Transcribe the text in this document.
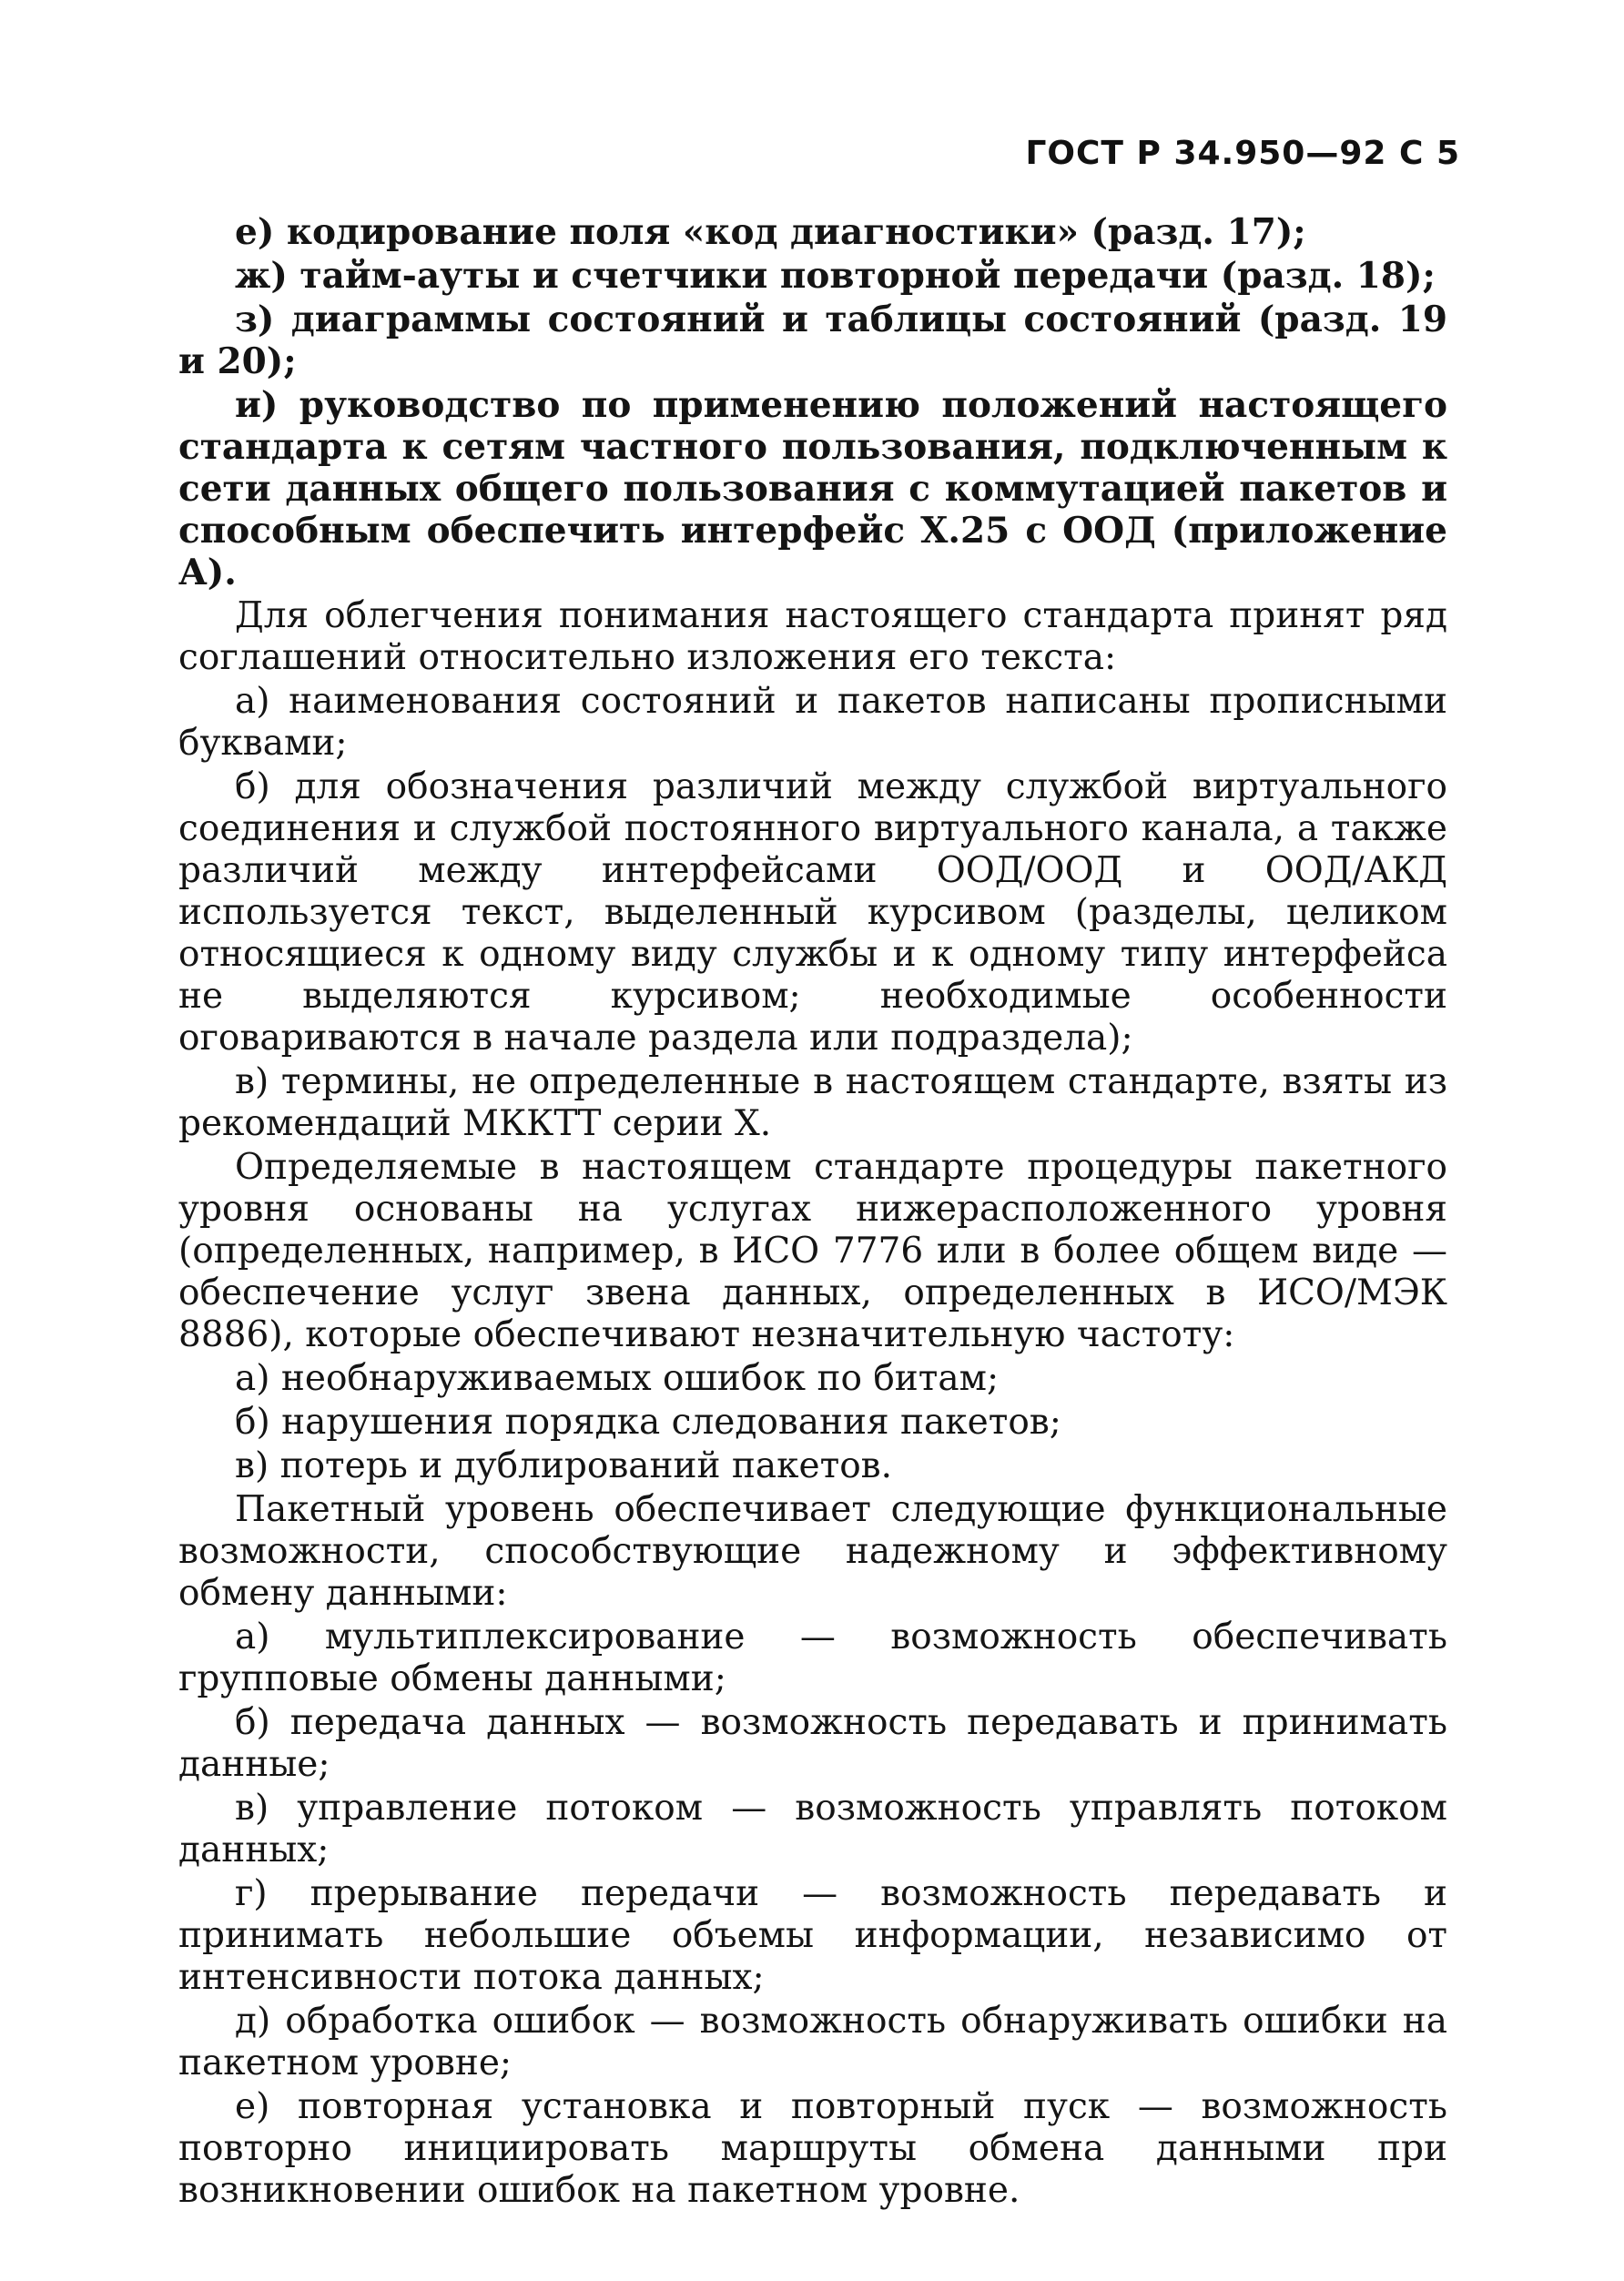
ГОСТ Р 34.950—92 С 5

е) кодирование поля «код диагностики» (разд. 17);

ж) тайм-ауты и счетчики повторной передачи (разд. 18);

з) диаграммы состояний и таблицы состояний (разд. 19 и 20);

и) руководство по применению положений настоящего стандарта к сетям частного пользования, подключенным к сети данных общего пользования с коммутацией пакетов и способным обеспечить интерфейс X.25 с ООД (приложение А).

Для облегчения понимания настоящего стандарта принят ряд соглашений относительно изложения его текста:

а) наименования состояний и пакетов написаны прописными буквами;

б) для обозначения различий между службой виртуального соединения и службой постоянного виртуального канала, а также различий между интерфейсами ООД/ООД и ООД/АКД используется текст, выделенный курсивом (разделы, целиком относящиеся к одному виду службы и к одному типу интерфейса не выделяются курсивом; необходимые особенности оговариваются в начале раздела или подраздела);

в) термины, не определенные в настоящем стандарте, взяты из рекомендаций МККТТ серии X.

Определяемые в настоящем стандарте процедуры пакетного уровня основаны на услугах нижерасположенного уровня (определенных, например, в ИСО 7776 или в более общем виде — обеспечение услуг звена данных, определенных в ИСО/МЭК 8886), которые обеспечивают незначительную частоту:

а) необнаруживаемых ошибок по битам;

б) нарушения порядка следования пакетов;

в) потерь и дублирований пакетов.

Пакетный уровень обеспечивает следующие функциональные возможности, способствующие надежному и эффективному обмену данными:

а) мультиплексирование — возможность обеспечивать групповые обмены данными;

б) передача данных — возможность передавать и принимать данные;

в) управление потоком — возможность управлять потоком данных;

г) прерывание передачи — возможность передавать и принимать небольшие объемы информации, независимо от интенсивности потока данных;

д) обработка ошибок — возможность обнаруживать ошибки на пакетном уровне;

е) повторная установка и повторный пуск — возможность повторно инициировать маршруты обмена данными при возникновении ошибок на пакетном уровне.
